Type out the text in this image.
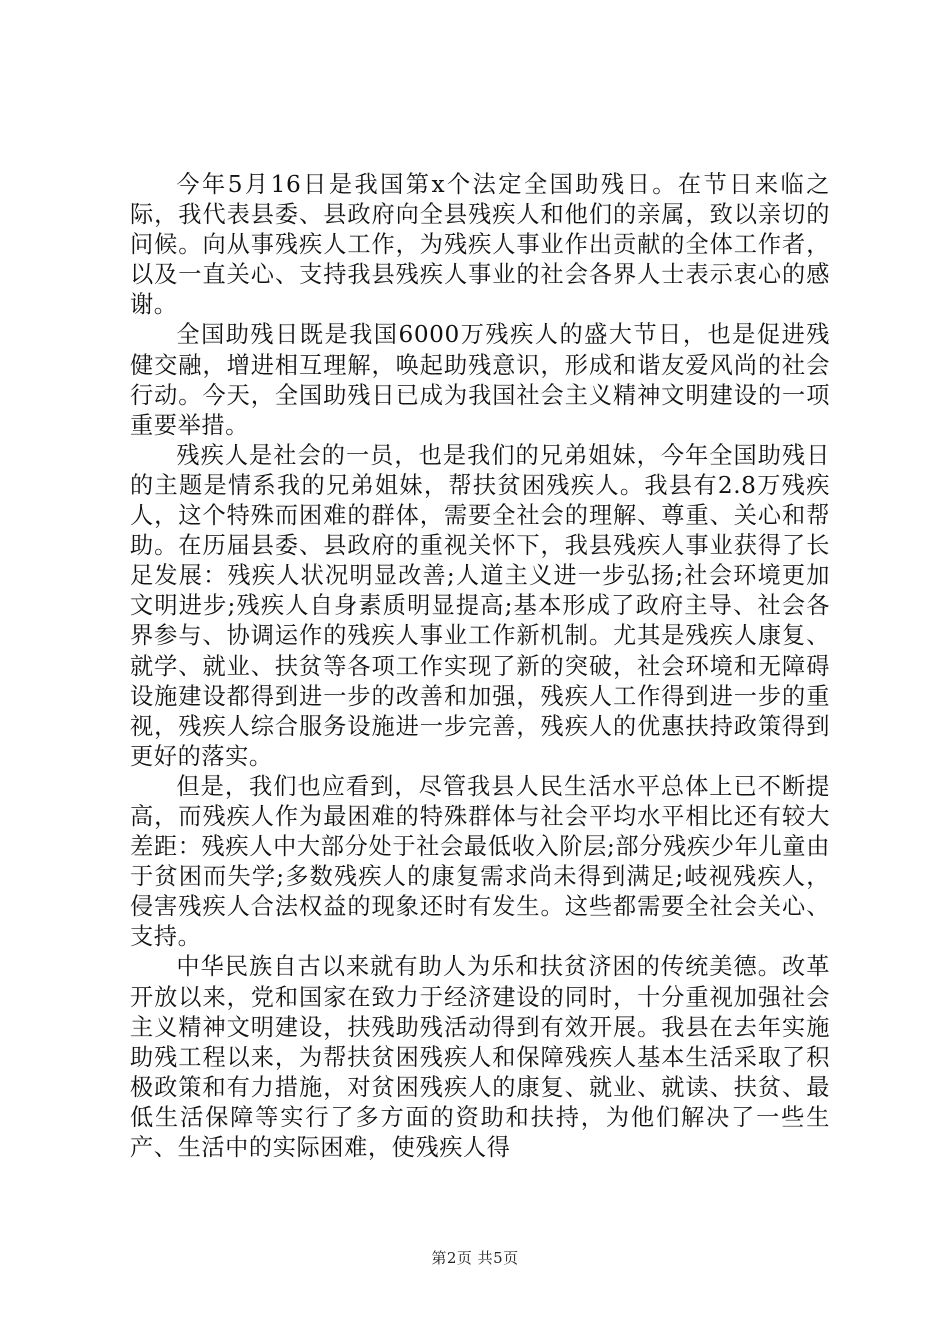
今年5月16日是我国第x个法定全国助残日。在节日来临之际，我代表县委、县政府向全县残疾人和他们的亲属，致以亲切的问候。向从事残疾人工作，为残疾人事业作出贡献的全体工作者，以及一直关心、支持我县残疾人事业的社会各界人士表示衷心的感谢。

全国助残日既是我国6000万残疾人的盛大节日，也是促进残健交融，增进相互理解，唤起助残意识，形成和谐友爱风尚的社会行动。今天，全国助残日已成为我国社会主义精神文明建设的一项重要举措。

残疾人是社会的一员，也是我们的兄弟姐妹，今年全国助残日的主题是情系我的兄弟姐妹，帮扶贫困残疾人。我县有2.8万残疾人，这个特殊而困难的群体，需要全社会的理解、尊重、关心和帮助。在历届县委、县政府的重视关怀下，我县残疾人事业获得了长足发展：残疾人状况明显改善;人道主义进一步弘扬;社会环境更加文明进步;残疾人自身素质明显提高;基本形成了政府主导、社会各界参与、协调运作的残疾人事业工作新机制。尤其是残疾人康复、就学、就业、扶贫等各项工作实现了新的突破，社会环境和无障碍设施建设都得到进一步的改善和加强，残疾人工作得到进一步的重视，残疾人综合服务设施进一步完善，残疾人的优惠扶持政策得到更好的落实。

但是，我们也应看到，尽管我县人民生活水平总体上已不断提高，而残疾人作为最困难的特殊群体与社会平均水平相比还有较大差距：残疾人中大部分处于社会最低收入阶层;部分残疾少年儿童由于贫困而失学;多数残疾人的康复需求尚未得到满足;岐视残疾人，侵害残疾人合法权益的现象还时有发生。这些都需要全社会关心、支持。

中华民族自古以来就有助人为乐和扶贫济困的传统美德。改革开放以来，党和国家在致力于经济建设的同时，十分重视加强社会主义精神文明建设，扶残助残活动得到有效开展。我县在去年实施助残工程以来，为帮扶贫困残疾人和保障残疾人基本生活采取了积极政策和有力措施，对贫困残疾人的康复、就业、就读、扶贫、最低生活保障等实行了多方面的资助和扶持，为他们解决了一些生产、生活中的实际困难，使残疾人得

第2页 共5页
